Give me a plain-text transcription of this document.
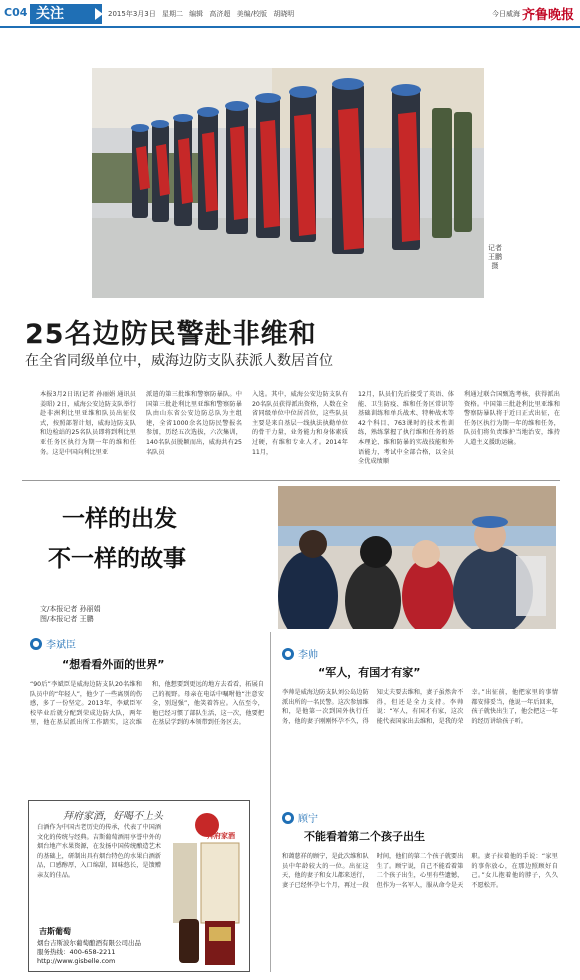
C04 关注	2015年3月3日 星期二 编辑 高济超 美编/校版 胡晓明	今日威海 齐鲁晚报
记者 王鹏 摄
25名边防民警赴非维和
在全省同级单位中，威海边防支队获派人数居首位
本报3月2日讯(记者 孙丽娟 通讯员 姜昭) 2日，威海公安边防支队举行赴非洲利比里亚维和队员出征仪式，按照部署计划，威海边防支队和边检站的25名队员即将到利比里亚任务区执行为期一年的维和任务。这是中国向利比里亚
派遣的第三批维和警察防暴队。中国第三批赴利比里亚维和警察防暴队由山东省公安边防总队为主组建，全省1000余名边防民警报名参加，历经五次选拔，六次集训，140名队员脱颖而出，威海共有25名队员
入选。其中，威海公安边防支队有20名队员获得派出资格，人数在全省同级单位中位居首位，这些队员主要是来自基层一线执法执勤单位的骨干力量，业务能力和身体素质过硬，有维和专业人才。2014年11月，
12月，队员们先后接受了英语、体能、卫生防疫、维和任务区常识等基础训练和单兵战术、特种战术等42个科目、763课时的技术性训练，熟练掌握了执行维和任务的基本理论、维和防暴的实战技能和外语能力，考试中全部合格，以全员全优成绩顺
利通过联合国甄选考核，获得派出资格。中国第三批赴利比里亚维和警察防暴队将于近日正式出征，在任务区执行为期一年的维和任务，队员们将负责维护当地治安，维持人道主义援助运输。
一样的出发
不一样的故事
文/本报记者 孙丽娟
图/本报记者 王鹏
● 李斌臣
“想看看外面的世界”
“90后”李斌臣是威海边防支队20名维和队员中的“年轻人”，他少了一些离别的伤感，多了一份坚定。2013年，李斌臣军校毕业后就分配到荣成边防大队，两年里，他在基层派出所工作踏实，这次维和，他想要到更远的地方去看看，拓展自己的视野。母亲在电话中嘱咐他“注意安全，别逞强”，他笑着答应。入伍至今，他已经习惯了部队生活，这一次，他要把在基层学到的本领带到任务区去。
● 李帅
“军人，有国才有家”
李帅是威海边防支队刘公岛边防派出所的一名民警。这次参加维和，是他第一次到国外执行任务，他的妻子刚刚怀孕不久，得知丈夫要去维和，妻子虽然舍不得，但还是全力支持。李帅说：“军人，有国才有家，这次能代表国家出去维和，是我的荣幸。”出征前，他把家里的事情都安排妥当，他说一年后回来，孩子就快出生了，他会把这一年的经历讲给孩子听。
● 顾宁
不能看着第二个孩子出生
和蔼慈祥的顾宁，是此次维和队员中年龄较大的一位。出征这天，他的妻子和女儿都来送行，妻子已经怀孕七个月，再过一段时间，他们的第二个孩子就要出生了。顾宁说，自己不能看着第二个孩子出生，心里有些遗憾，但作为一名军人，服从命令是天职。妻子拉着他的手说：“家里的事你放心，在那边照顾好自己。”女儿抱着他的脖子，久久不愿松开。
拜府家酒，好喝不上头
白酒作为中国古老历史的传承，代表了中国酒文化的传统与经典。吉斯葡萄酒用享誉中外的烟台地产水果资源，在发扬中国传统酿造艺术的基础上，研制出具有烟台特色的水果白酒新品，口感醇厚，入口绵甜，回味悠长，是馈赠亲友的佳品。
吉斯葡萄
烟台吉斯波尔葡萄酿酒有限公司出品
服务热线：400-658-2211
http://www.gisbelle.com
拜府家酒
